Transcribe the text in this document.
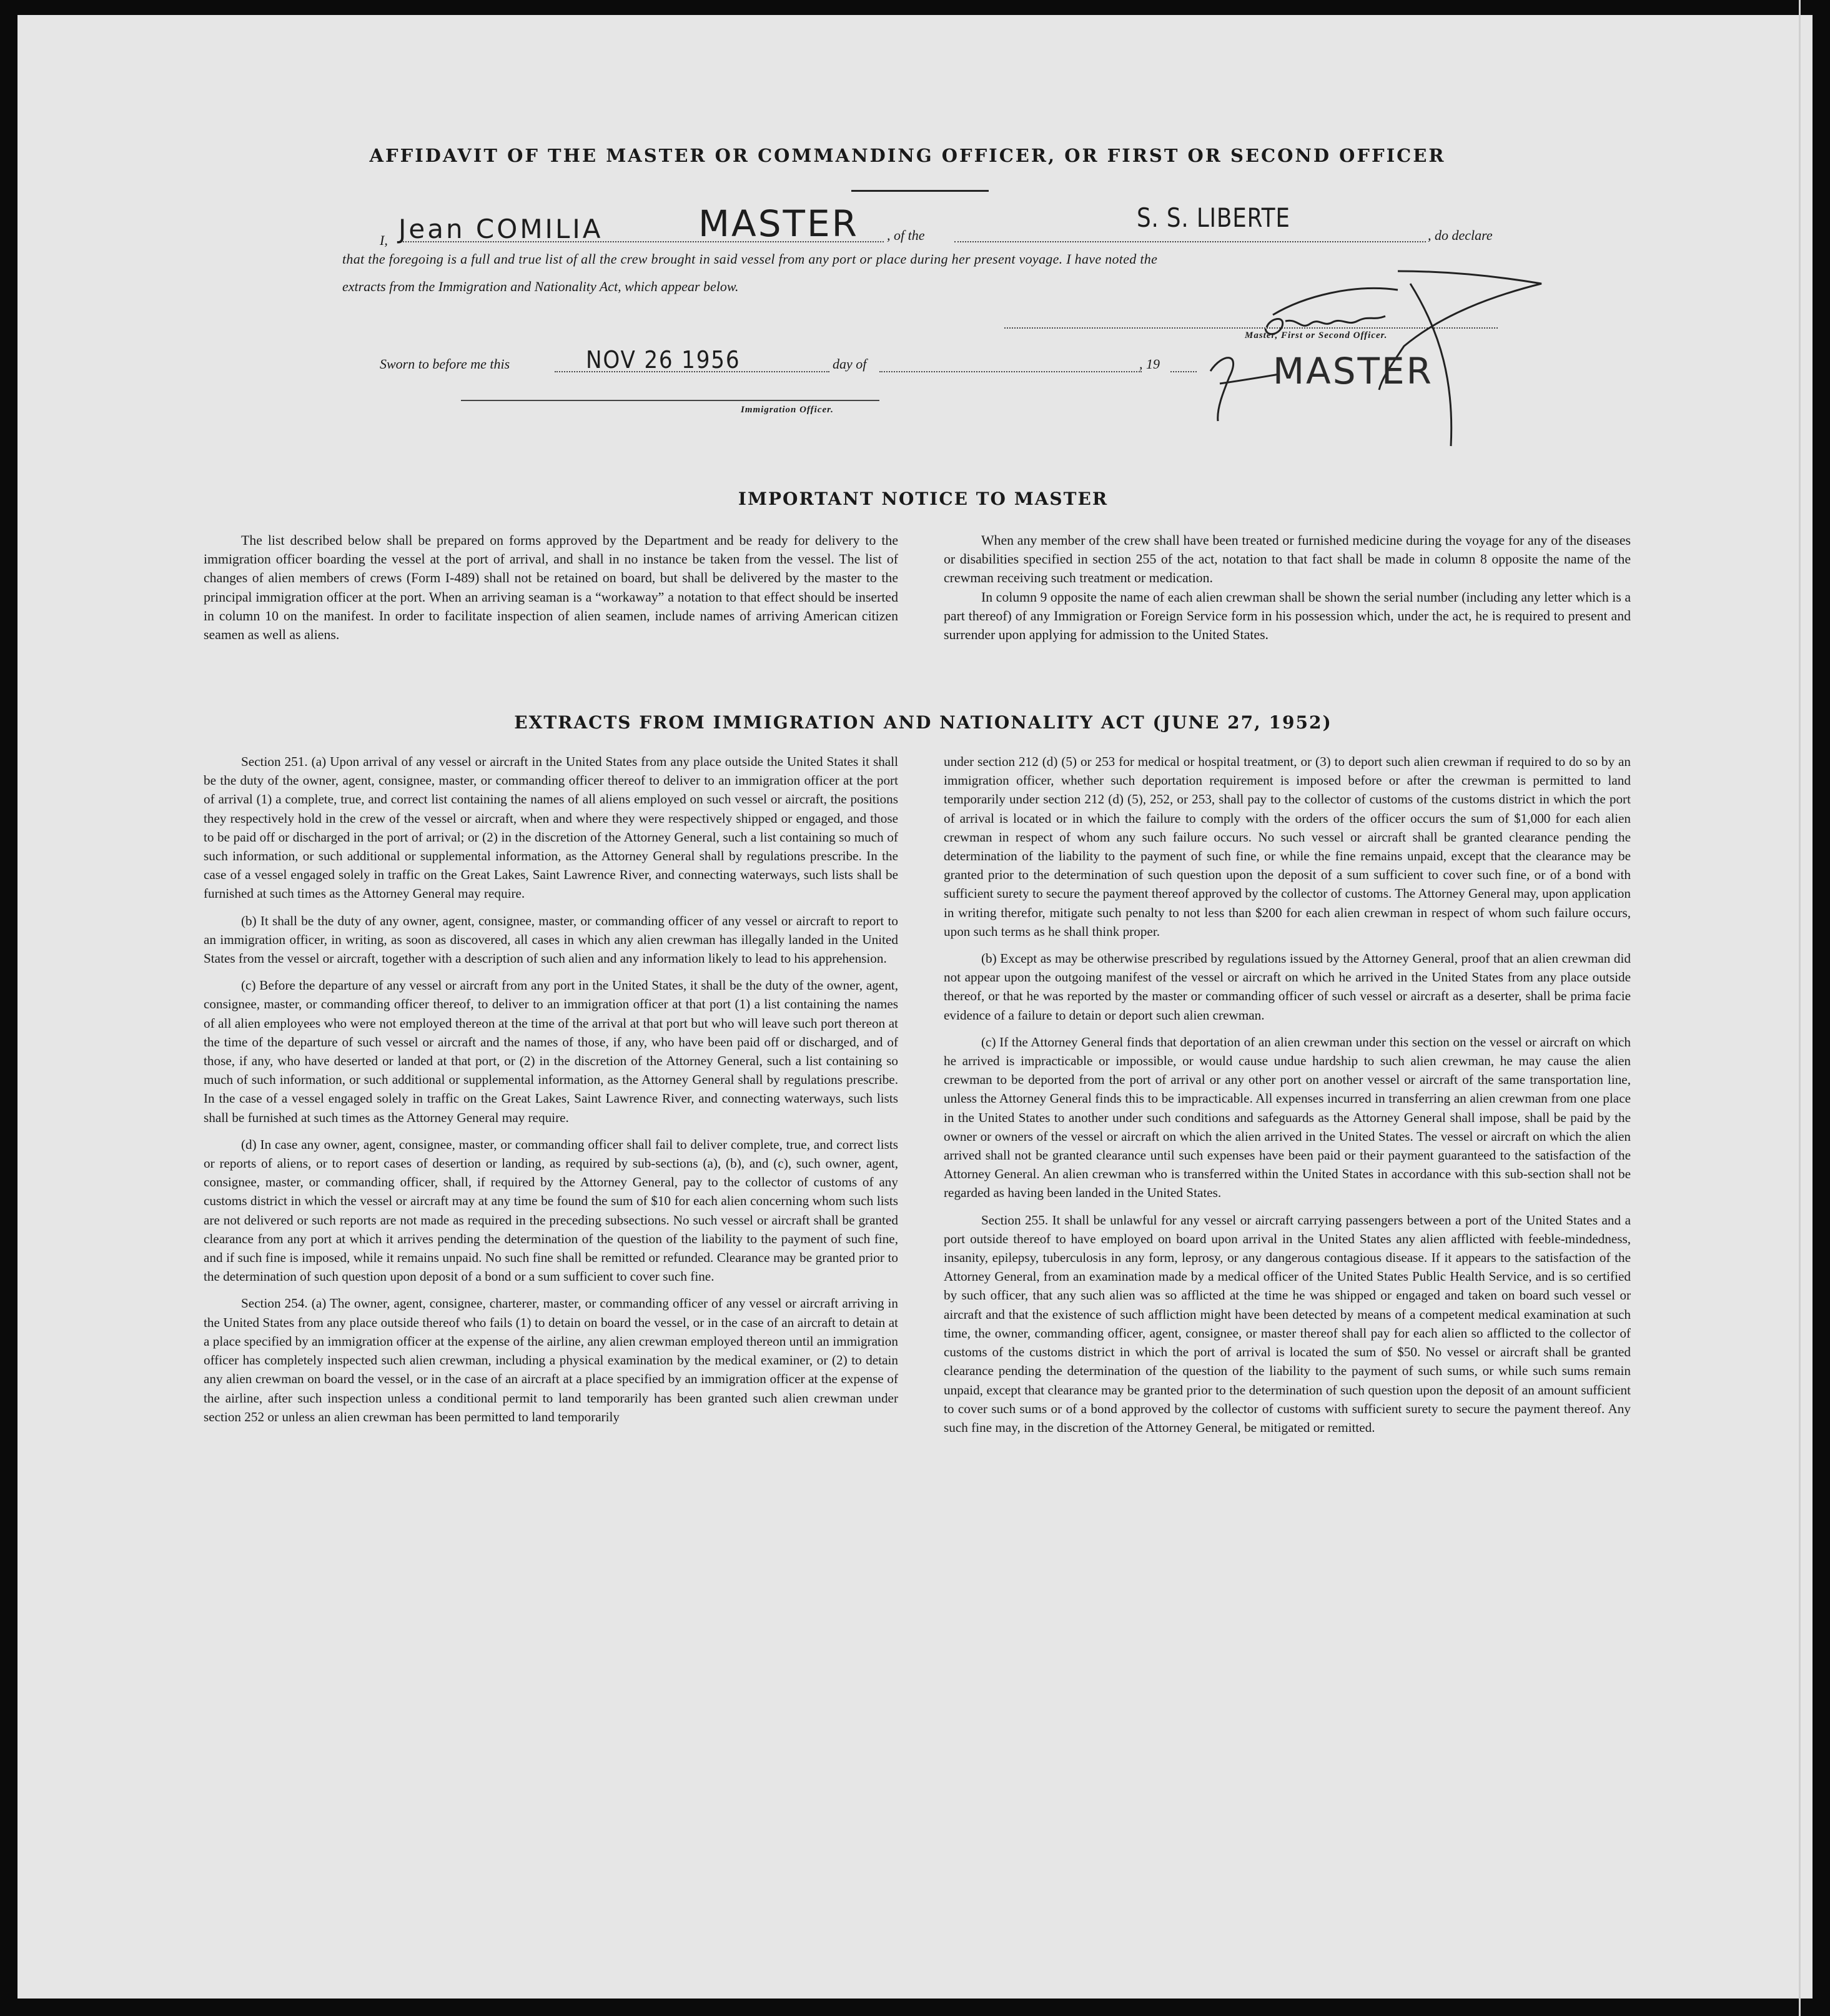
AFFIDAVIT OF THE MASTER OR COMMANDING OFFICER, OR FIRST OR SECOND OFFICER
I, Jean COMILIA	MASTER , of the
S. S. LIBERTE
, do declare
that the foregoing is a full and true list of all the crew brought in said vessel from any port or place during her present voyage. I have noted the
extracts from the Immigration and Nationality Act, which appear below.
Master, First or Second Officer.
MASTER
Sworn to before me this	NOV 26 1956	day of	, 19
Immigration Officer.
IMPORTANT NOTICE TO MASTER

The list described below shall be prepared on forms approved by the Department and be ready for delivery to the immigration officer boarding the vessel at the port of arrival, and shall in no instance be taken from the vessel. The list of changes of alien members of crews (Form I-489) shall not be retained on board, but shall be delivered by the master to the principal immigration officer at the port. When an arriving seaman is a “workaway” a notation to that effect should be inserted in column 10 on the manifest. In order to facilitate inspection of alien seamen, include names of arriving American citizen seamen as well as aliens.

When any member of the crew shall have been treated or furnished medicine during the voyage for any of the diseases or disabilities specified in section 255 of the act, notation to that fact shall be made in column 8 opposite the name of the crewman receiving such treatment or medication.

In column 9 opposite the name of each alien crewman shall be shown the serial number (including any letter which is a part thereof) of any Immigration or Foreign Service form in his possession which, under the act, he is required to present and surrender upon applying for admission to the United States.

EXTRACTS FROM IMMIGRATION AND NATIONALITY ACT (JUNE 27, 1952)

Section 251. (a) Upon arrival of any vessel or aircraft in the United States from any place outside the United States it shall be the duty of the owner, agent, consignee, master, or commanding officer thereof to deliver to an immigration officer at the port of arrival (1) a complete, true, and correct list containing the names of all aliens employed on such vessel or aircraft, the positions they respectively hold in the crew of the vessel or aircraft, when and where they were respectively shipped or engaged, and those to be paid off or discharged in the port of arrival; or (2) in the discretion of the Attorney General, such a list containing so much of such information, or such additional or supplemental information, as the Attorney General shall by regulations prescribe. In the case of a vessel engaged solely in traffic on the Great Lakes, Saint Lawrence River, and connecting waterways, such lists shall be furnished at such times as the Attorney General may require.

(b) It shall be the duty of any owner, agent, consignee, master, or commanding officer of any vessel or aircraft to report to an immigration officer, in writing, as soon as discovered, all cases in which any alien crewman has illegally landed in the United States from the vessel or aircraft, together with a description of such alien and any information likely to lead to his apprehension.

(c) Before the departure of any vessel or aircraft from any port in the United States, it shall be the duty of the owner, agent, consignee, master, or commanding officer thereof, to deliver to an immigration officer at that port (1) a list containing the names of all alien employees who were not employed thereon at the time of the arrival at that port but who will leave such port thereon at the time of the departure of such vessel or aircraft and the names of those, if any, who have been paid off or discharged, and of those, if any, who have deserted or landed at that port, or (2) in the discretion of the Attorney General, such a list containing so much of such information, or such additional or supplemental information, as the Attorney General shall by regulations prescribe. In the case of a vessel engaged solely in traffic on the Great Lakes, Saint Lawrence River, and connecting waterways, such lists shall be furnished at such times as the Attorney General may require.

(d) In case any owner, agent, consignee, master, or commanding officer shall fail to deliver complete, true, and correct lists or reports of aliens, or to report cases of desertion or landing, as required by sub-sections (a), (b), and (c), such owner, agent, consignee, master, or commanding officer, shall, if required by the Attorney General, pay to the collector of customs of any customs district in which the vessel or aircraft may at any time be found the sum of $10 for each alien concerning whom such lists are not delivered or such reports are not made as required in the preceding subsections. No such vessel or aircraft shall be granted clearance from any port at which it arrives pending the determination of the question of the liability to the payment of such fine, and if such fine is imposed, while it remains unpaid. No such fine shall be remitted or refunded. Clearance may be granted prior to the determination of such question upon deposit of a bond or a sum sufficient to cover such fine.

Section 254. (a) The owner, agent, consignee, charterer, master, or commanding officer of any vessel or aircraft arriving in the United States from any place outside thereof who fails (1) to detain on board the vessel, or in the case of an aircraft to detain at a place specified by an immigration officer at the expense of the airline, any alien crewman employed thereon until an immigration officer has completely inspected such alien crewman, including a physical examination by the medical examiner, or (2) to detain any alien crewman on board the vessel, or in the case of an aircraft at a place specified by an immigration officer at the expense of the airline, after such inspection unless a conditional permit to land temporarily has been granted such alien crewman under section 252 or unless an alien crewman has been permitted to land temporarily

under section 212 (d) (5) or 253 for medical or hospital treatment, or (3) to deport such alien crewman if required to do so by an immigration officer, whether such deportation requirement is imposed before or after the crewman is permitted to land temporarily under section 212 (d) (5), 252, or 253, shall pay to the collector of customs of the customs district in which the port of arrival is located or in which the failure to comply with the orders of the officer occurs the sum of $1,000 for each alien crewman in respect of whom any such failure occurs. No such vessel or aircraft shall be granted clearance pending the determination of the liability to the payment of such fine, or while the fine remains unpaid, except that the clearance may be granted prior to the determination of such question upon the deposit of a sum sufficient to cover such fine, or of a bond with sufficient surety to secure the payment thereof approved by the collector of customs. The Attorney General may, upon application in writing therefor, mitigate such penalty to not less than $200 for each alien crewman in respect of whom such failure occurs, upon such terms as he shall think proper.

(b) Except as may be otherwise prescribed by regulations issued by the Attorney General, proof that an alien crewman did not appear upon the outgoing manifest of the vessel or aircraft on which he arrived in the United States from any place outside thereof, or that he was reported by the master or commanding officer of such vessel or aircraft as a deserter, shall be prima facie evidence of a failure to detain or deport such alien crewman.

(c) If the Attorney General finds that deportation of an alien crewman under this section on the vessel or aircraft on which he arrived is impracticable or impossible, or would cause undue hardship to such alien crewman, he may cause the alien crewman to be deported from the port of arrival or any other port on another vessel or aircraft of the same transportation line, unless the Attorney General finds this to be impracticable. All expenses incurred in transferring an alien crewman from one place in the United States to another under such conditions and safeguards as the Attorney General shall impose, shall be paid by the owner or owners of the vessel or aircraft on which the alien arrived in the United States. The vessel or aircraft on which the alien arrived shall not be granted clearance until such expenses have been paid or their payment guaranteed to the satisfaction of the Attorney General. An alien crewman who is transferred within the United States in accordance with this sub-section shall not be regarded as having been landed in the United States.

Section 255. It shall be unlawful for any vessel or aircraft carrying passengers between a port of the United States and a port outside thereof to have employed on board upon arrival in the United States any alien afflicted with feeble-mindedness, insanity, epilepsy, tuberculosis in any form, leprosy, or any dangerous contagious disease. If it appears to the satisfaction of the Attorney General, from an examination made by a medical officer of the United States Public Health Service, and is so certified by such officer, that any such alien was so afflicted at the time he was shipped or engaged and taken on board such vessel or aircraft and that the existence of such affliction might have been detected by means of a competent medical examination at such time, the owner, commanding officer, agent, consignee, or master thereof shall pay for each alien so afflicted to the collector of customs of the customs district in which the port of arrival is located the sum of $50. No vessel or aircraft shall be granted clearance pending the determination of the question of the liability to the payment of such sums, or while such sums remain unpaid, except that clearance may be granted prior to the determination of such question upon the deposit of an amount sufficient to cover such sums or of a bond approved by the collector of customs with sufficient surety to secure the payment thereof. Any such fine may, in the discretion of the Attorney General, be mitigated or remitted.
